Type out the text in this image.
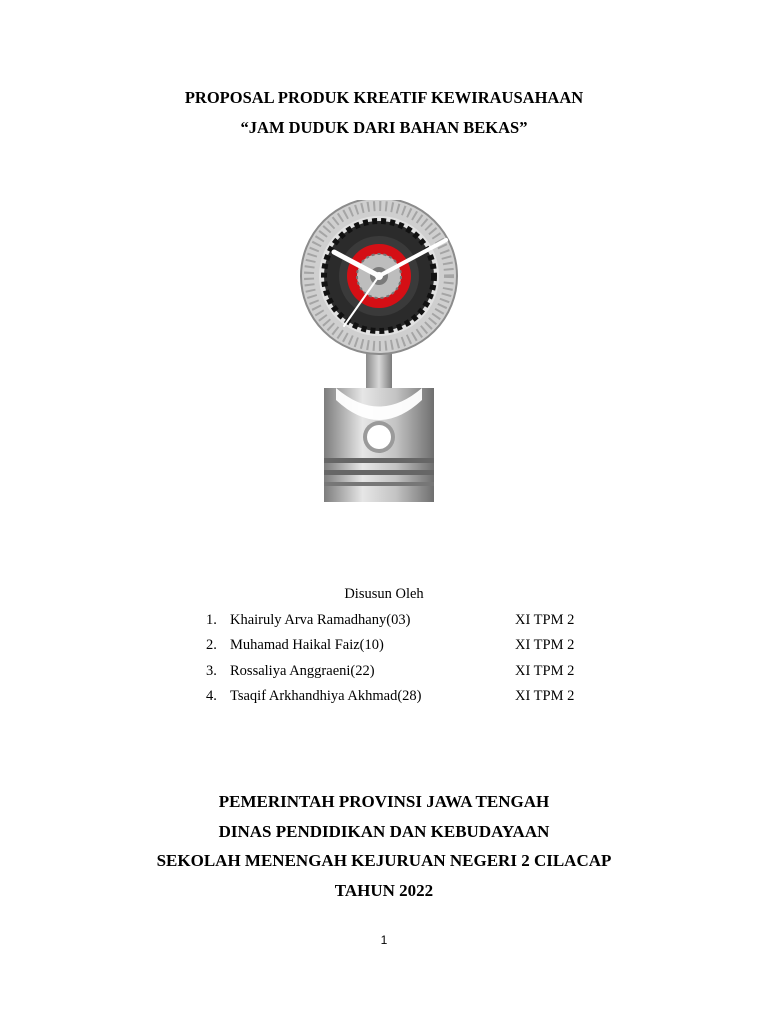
PROPOSAL PRODUK KREATIF KEWIRAUSAHAAN
“JAM DUDUK DARI BAHAN BEKAS”
Disusun Oleh
1. Khairuly Arva Ramadhany(03)	XI TPM 2
2. Muhamad Haikal Faiz(10)	XI TPM 2
3. Rossaliya Anggraeni(22)	XI TPM 2
4. Tsaqif Arkhandhiya Akhmad(28)	XI TPM 2
PEMERINTAH PROVINSI JAWA TENGAH
DINAS PENDIDIKAN DAN KEBUDAYAAN
SEKOLAH MENENGAH KEJURUAN NEGERI 2 CILACAP
TAHUN 2022
1
